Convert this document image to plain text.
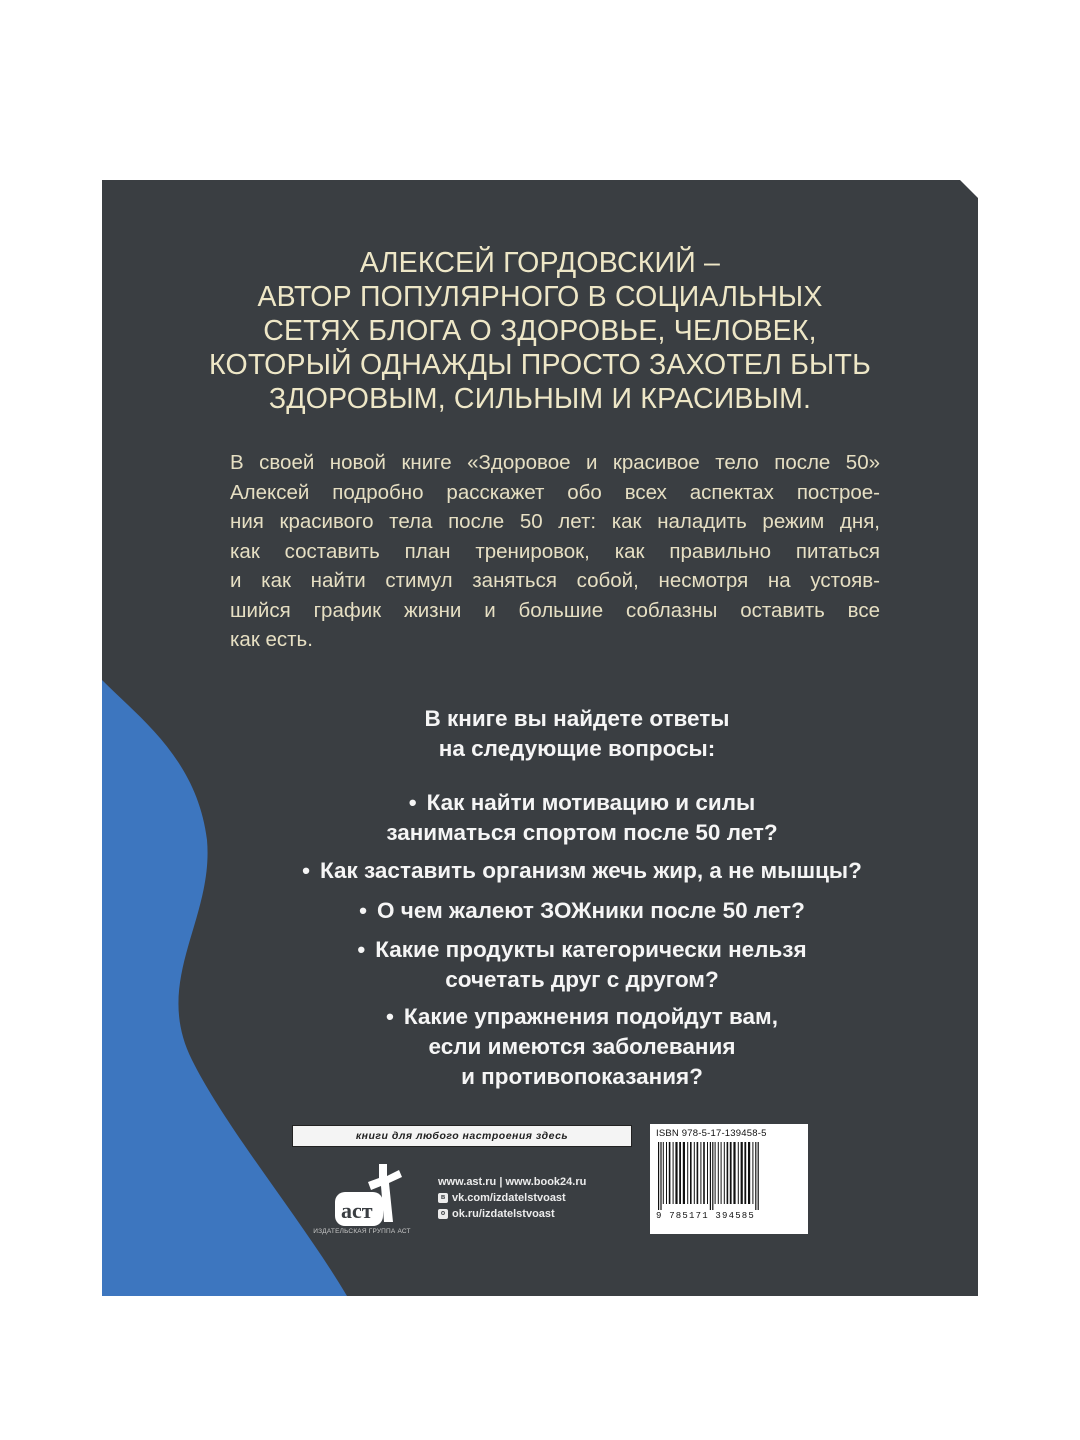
АЛЕКСЕЙ ГОРДОВСКИЙ –
АВТОР ПОПУЛЯРНОГО В СОЦИАЛЬНЫХ
СЕТЯХ БЛОГА О ЗДОРОВЬЕ, ЧЕЛОВЕК,
КОТОРЫЙ ОДНАЖДЫ ПРОСТО ЗАХОТЕЛ БЫТЬ
ЗДОРОВЫМ, СИЛЬНЫМ И КРАСИВЫМ.
В своей новой книге «Здоровое и красивое тело после 50»
Алексей подробно расскажет обо всех аспектах построе-
ния красивого тела после 50 лет: как наладить режим дня,
как составить план тренировок, как правильно питаться
и как найти стимул заняться собой, несмотря на устояв-
шийся график жизни и большие соблазны оставить все
как есть.
В книге вы найдете ответы
на следующие вопросы:
• Как найти мотивацию и силы
заниматься спортом после 50 лет?
• Как заставить организм жечь жир, а не мышцы?
• О чем жалеют ЗОЖники после 50 лет?
• Какие продукты категорически нельзя
сочетать друг с другом?
• Какие упражнения подойдут вам,
если имеются заболевания
и противопоказания?
книги для любого настроения здесь
аст
ИЗДАТЕЛЬСКАЯ ГРУППА АСТ
www.ast.ru | www.book24.ru
в vk.com/izdatelstvoast
о ok.ru/izdatelstvoast
ISBN 978-5-17-139458-5
9 785171 394585
